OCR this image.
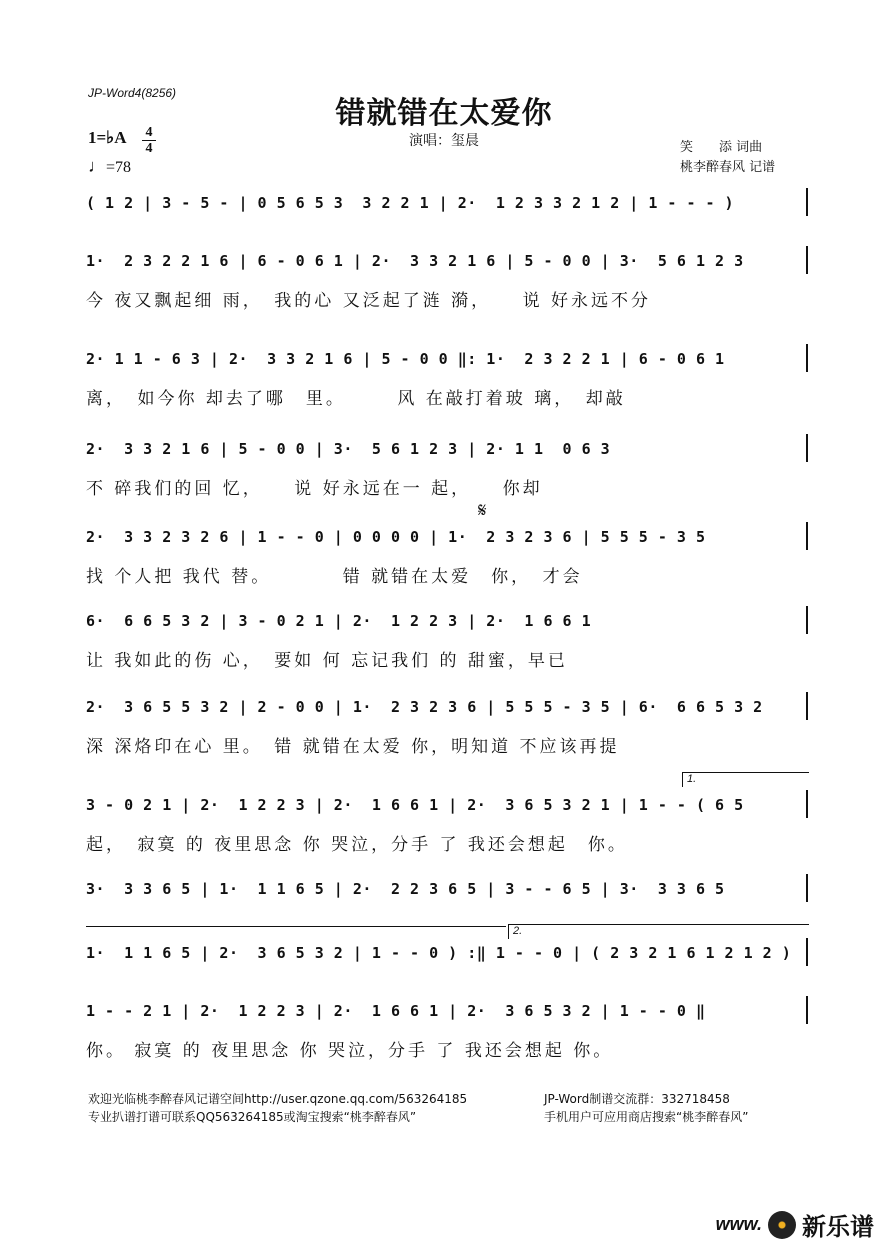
JP-Word4(8256)
错就错在太爱你
演唱：玺晨
1=♭A 4
4
♩=78
笑　　添 词曲
桃李醉春风 记谱
( 1 2 | 3 - 5 - | 0 5 6 5 3  3 2 2 1 | 2·  1 2 3 3 2 1 2 | 1 - - - )
1·  2 3 2 2 1 6 | 6 - 0 6 1 | 2·  3 3 2 1 6 | 5 - 0 0 | 3·  5 6 1 2 3
今 夜又飘起细 雨，　我的心 又泛起了涟 漪，　　说 好永远不分
2· 1 1 - 6 3 | 2·  3 3 2 1 6 | 5 - 0 0 ‖: 1·  2 3 2 2 1 | 6 - 0 6 1
离，　如今你 却去了哪　里。　　　风 在敲打着玻 璃，　却敲
2·  3 3 2 1 6 | 5 - 0 0 | 3·  5 6 1 2 3 | 2· 1 1  0 6 3
不 碎我们的回 忆，　　说 好永远在一 起，　　你却
2·  3 3 2 3 2 6 | 1 - - 0 | 0 0 0 0 | 1·  2 3 2 3 6 | 5 5 5 - 3 5
找 个人把 我代 替。　　　　错 就错在太爱　你，　才会
6·  6 6 5 3 2 | 3 - 0 2 1 | 2·  1 2 2 3 | 2·  1 6 6 1
让 我如此的伤 心，　要如 何 忘记我们 的 甜蜜，早已
2·  3 6 5 5 3 2 | 2 - 0 0 | 1·  2 3 2 3 6 | 5 5 5 - 3 5 | 6·  6 6 5 3 2
深 深烙印在心 里。　错 就错在太爱 你，明知道 不应该再提
3 - 0 2 1 | 2·  1 2 2 3 | 2·  1 6 6 1 | 2·  3 6 5 3 2 1 | 1 - - ( 6 5
起，　寂寞 的 夜里思念 你 哭泣，分手 了 我还会想起　你。
3·  3 3 6 5 | 1·  1 1 6 5 | 2·  2 2 3 6 5 | 3 - - 6 5 | 3·  3 3 6 5
1·  1 1 6 5 | 2·  3 6 5 3 2 | 1 - - 0 ) :‖ 1 - - 0 | ( 2 3 2 1 6 1 2 1 2 )
1 - - 2 1 | 2·  1 2 2 3 | 2·  1 6 6 1 | 2·  3 6 5 3 2 | 1 - - 0 ‖
你。 寂寞 的 夜里思念 你 哭泣，分手 了 我还会想起 你。
𝄋
1.
2.
欢迎光临桃李醉春风记谱空间http://user.qzone.qq.com/563264185	JP-Word制谱交流群：332718458
专业扒谱打谱可联系QQ563264185或淘宝搜索“桃李醉春风”	手机用户可应用商店搜索“桃李醉春风”
www. 新乐谱
